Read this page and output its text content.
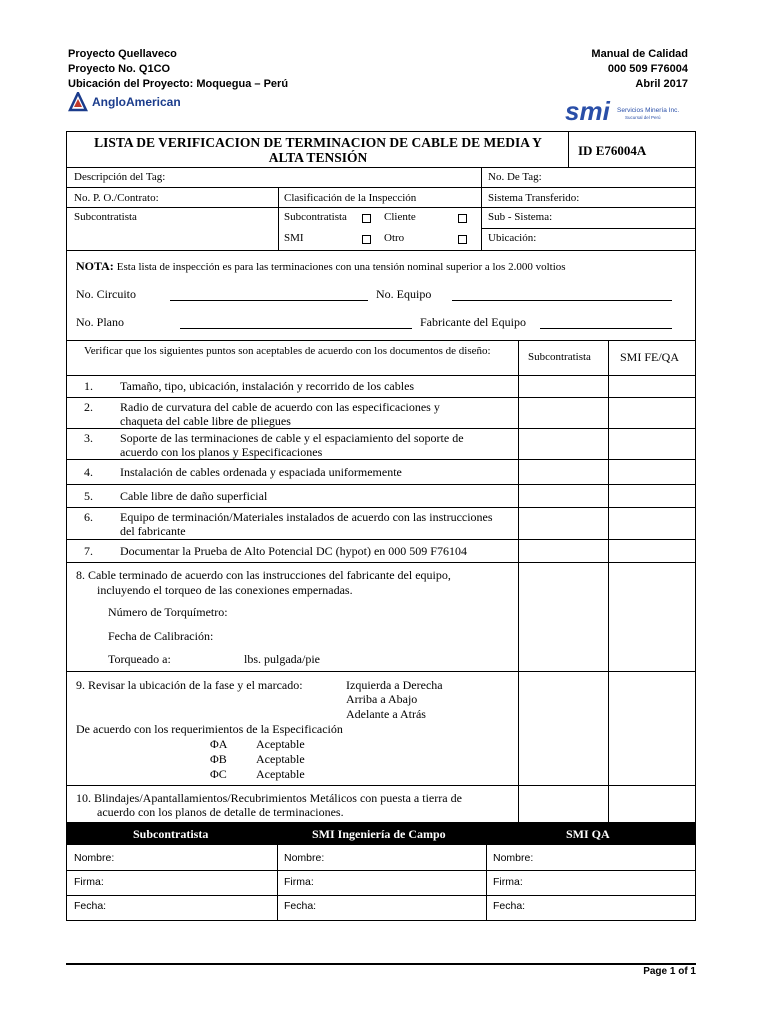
Proyecto Quellaveco
Proyecto No. Q1CO
Ubicación del Proyecto: Moquegua – Perú
Manual de Calidad
000 509 F76004
Abril 2017
AngloAmerican	smi Servicios Minería Inc.
Sucursal del Perú
LISTA DE VERIFICACION DE TERMINACION DE CABLE DE MEDIA Y
ALTA TENSIÓN	ID E76004A
Descripción del Tag:	No. De Tag:
No. P. O./Contrato:	Clasificación de la Inspección	Sistema Transferido:
Subcontratista	Subcontratista	Cliente	Sub - Sistema:
SMI	Otro	Ubicación:
NOTA: Esta lista de inspección es para las terminaciones con una tensión nominal superior a los 2.000 voltios
No. Circuito	No. Equipo
No. Plano	Fabricante del Equipo
Verificar que los siguientes puntos son aceptables de acuerdo con los documentos de diseño:	Subcontratista SMI FE/QA
1. Tamaño, tipo, ubicación, instalación y recorrido de los cables
2. Radio de curvatura del cable de acuerdo con las especificaciones y chaqueta del cable libre de pliegues
3. Soporte de las terminaciones de cable y el espaciamiento del soporte de acuerdo con los planos y Especificaciones
4. Instalación de cables ordenada y espaciada uniformemente
5. Cable libre de daño superficial
6. Equipo de terminación/Materiales instalados de acuerdo con las instrucciones del fabricante
7. Documentar la Prueba de Alto Potencial DC (hypot) en 000 509 F76104
8. Cable terminado de acuerdo con las instrucciones del fabricante del equipo,
incluyendo el torqueo de las conexiones empernadas.
Número de Torquímetro:
Fecha de Calibración:
Torqueado a:	lbs. pulgada/pie
9. Revisar la ubicación de la fase y el marcado:	Izquierda a Derecha
Arriba a Abajo
Adelante a Atrás
De acuerdo con los requerimientos de la Especificación
ΦA Aceptable
ΦB Aceptable
ΦC Aceptable
10. Blindajes/Apantallamientos/Recubrimientos Metálicos con puesta a tierra de
acuerdo con los planos de detalle de terminaciones.
Subcontratista	SMI Ingeniería de Campo	SMI QA
Nombre:	Nombre:	Nombre:
Firma:	Firma:	Firma:
Fecha:	Fecha:	Fecha:
Page 1 of 1
